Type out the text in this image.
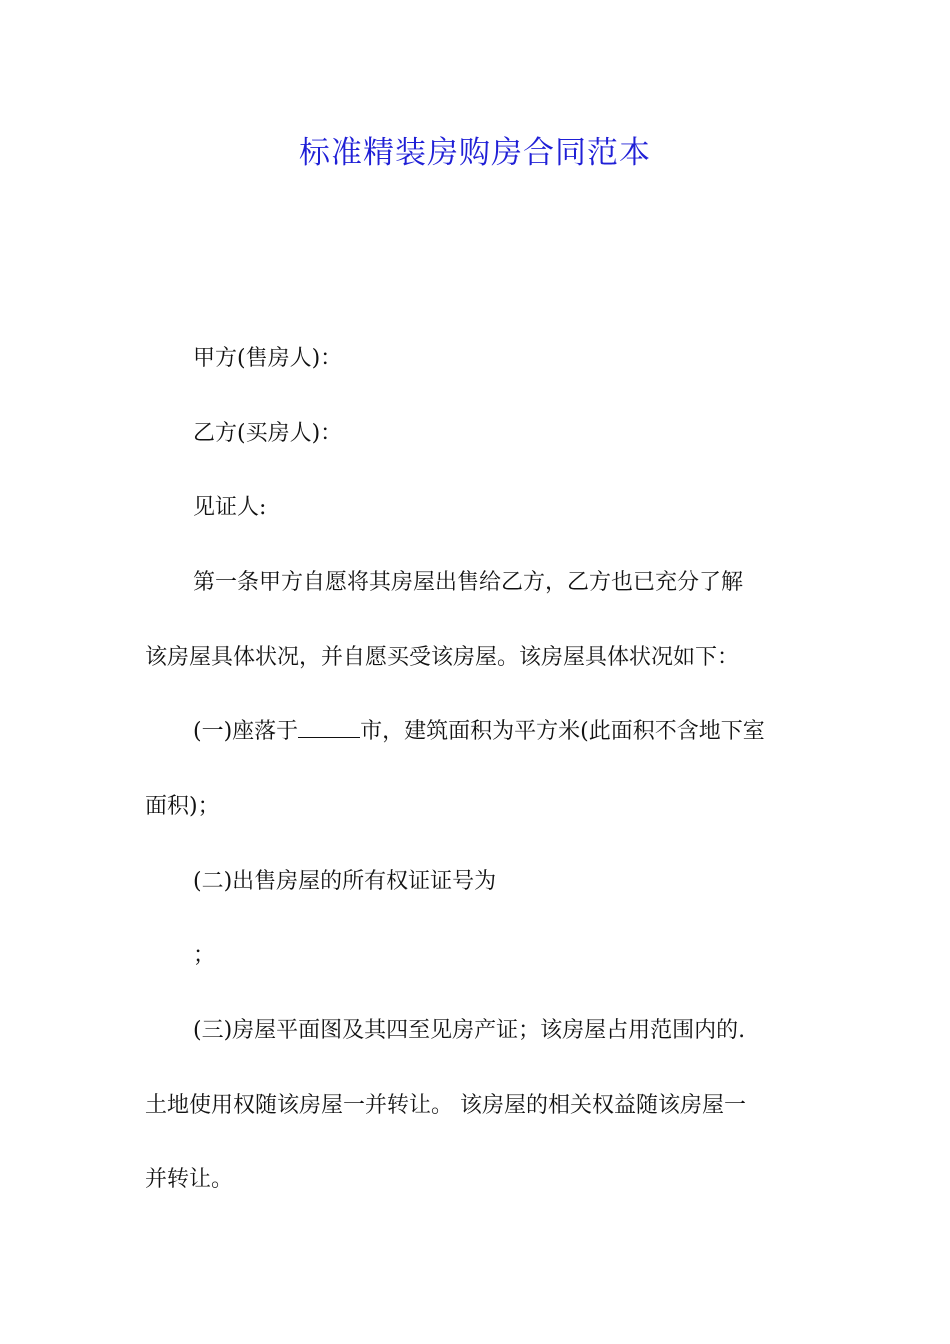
标准精装房购房合同范本

甲方(售房人)：

乙方(买房人)：

见证人:

第一条甲方自愿将其房屋出售给乙方，乙方也已充分了解

该房屋具体状况，并自愿买受该房屋。该房屋具体状况如下：

(一)座落于	市，建筑面积为平方米(此面积不含地下室

面积)；

(二)出售房屋的所有权证证号为

；

(三)房屋平面图及其四至见房产证；该房屋占用范围内的.

土地使用权随该房屋一并转让。 该房屋的相关权益随该房屋一

并转让。
